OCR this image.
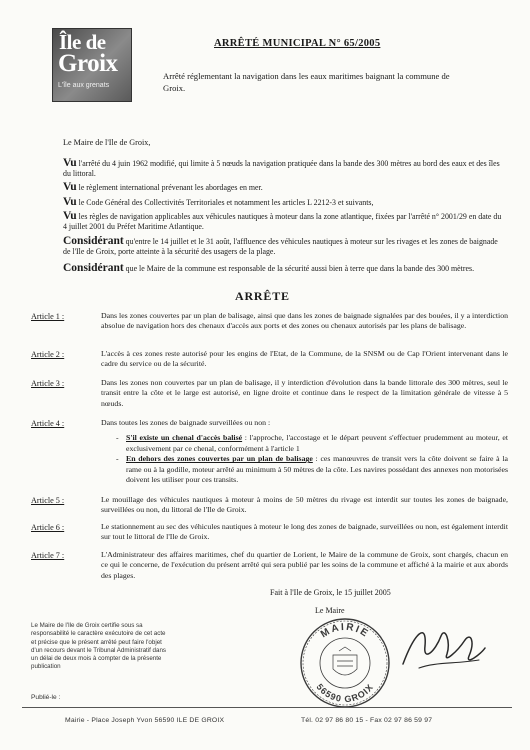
Île de
Groix
L'île aux grenats
ARRÊTÉ MUNICIPAL N° 65/2005
Arrêté réglementant la navigation dans les eaux maritimes baignant la commune de Groix.
Le Maire de l'Ile de Groix,
Vu l'arrêté du 4 juin 1962 modifié, qui limite à 5 nœuds la navigation pratiquée dans la bande des 300 mètres au bord des eaux et des îles du littoral.
Vu le règlement international prévenant les abordages en mer.
Vu le Code Général des Collectivités Territoriales et notamment les articles L 2212-3 et suivants,
Vu les règles de navigation applicables aux véhicules nautiques à moteur dans la zone atlantique, fixées par l'arrêté n° 2001/29 en date du 4 juillet 2001 du Préfet Maritime Atlantique.
Considérant qu'entre le 14 juillet et le 31 août, l'affluence des véhicules nautiques à moteur sur les rivages et les zones de baignade de l'Ile de Groix, porte atteinte à la sécurité des usagers de la plage.
Considérant que le Maire de la commune est responsable de la sécurité aussi bien à terre que dans la bande des 300 mètres.
ARRÊTE
Article 1 :	Dans les zones couvertes par un plan de balisage, ainsi que dans les zones de baignade signalées par des bouées, il y a interdiction absolue de navigation hors des chenaux d'accès aux ports et des zones ou chenaux autorisés par les plans de balisage.
Article 2 :	L'accès à ces zones reste autorisé pour les engins de l'Etat, de la Commune, de la SNSM ou de Cap l'Orient intervenant dans le cadre du service ou de la sécurité.
Article 3 :	Dans les zones non couvertes par un plan de balisage, il y interdiction d'évolution dans la bande littorale des 300 mètres, seul le transit entre la côte et le large est autorisé, en ligne droite et continue dans le respect de la limitation générale de vitesse à 5 nœuds.
Article 4 :	Dans toutes les zones de baignade surveillées ou non :
- S'il existe un chenal d'accès balisé : l'approche, l'accostage et le départ peuvent s'effectuer prudemment au moteur, et exclusivement par ce chenal, conformément à l'article 1
- En dehors des zones couvertes par un plan de balisage : ces manœuvres de transit vers la côte doivent se faire à la rame ou à la godille, moteur arrêté au minimum à 50 mètres de la côte. Les navires possédant des annexes non motorisées doivent les utiliser pour ces transits.
Article 5 :	Le mouillage des véhicules nautiques à moteur à moins de 50 mètres du rivage est interdit sur toutes les zones de baignade, surveillées ou non, du littoral de l'Ile de Groix.
Article 6 :	Le stationnement au sec des véhicules nautiques à moteur le long des zones de baignade, surveillées ou non, est également interdit sur tout le littoral de l'Ile de Groix.
Article 7 :	L'Administrateur des affaires maritimes, chef du quartier de Lorient, le Maire de la commune de Groix, sont chargés, chacun en ce qui le concerne, de l'exécution du présent arrêté qui sera publié par les soins de la commune et affiché à la mairie et aux abords des plages.
Fait à l'Ile de Groix, le 15 juillet 2005
Le Maire
Le Maire de l'Ile de Groix certifie sous sa responsabilité le caractère exécutoire de cet acte et précise que le présent arrêté peut faire l'objet d'un recours devant le Tribunal Administratif dans un délai de deux mois à compter de la présente publication
Publié-le :
MAIRIE
56590 GROIX
Mairie - Place Joseph Yvon 56590 ILE DE GROIX	Tél. 02 97 86 80 15 - Fax 02 97 86 59 97
